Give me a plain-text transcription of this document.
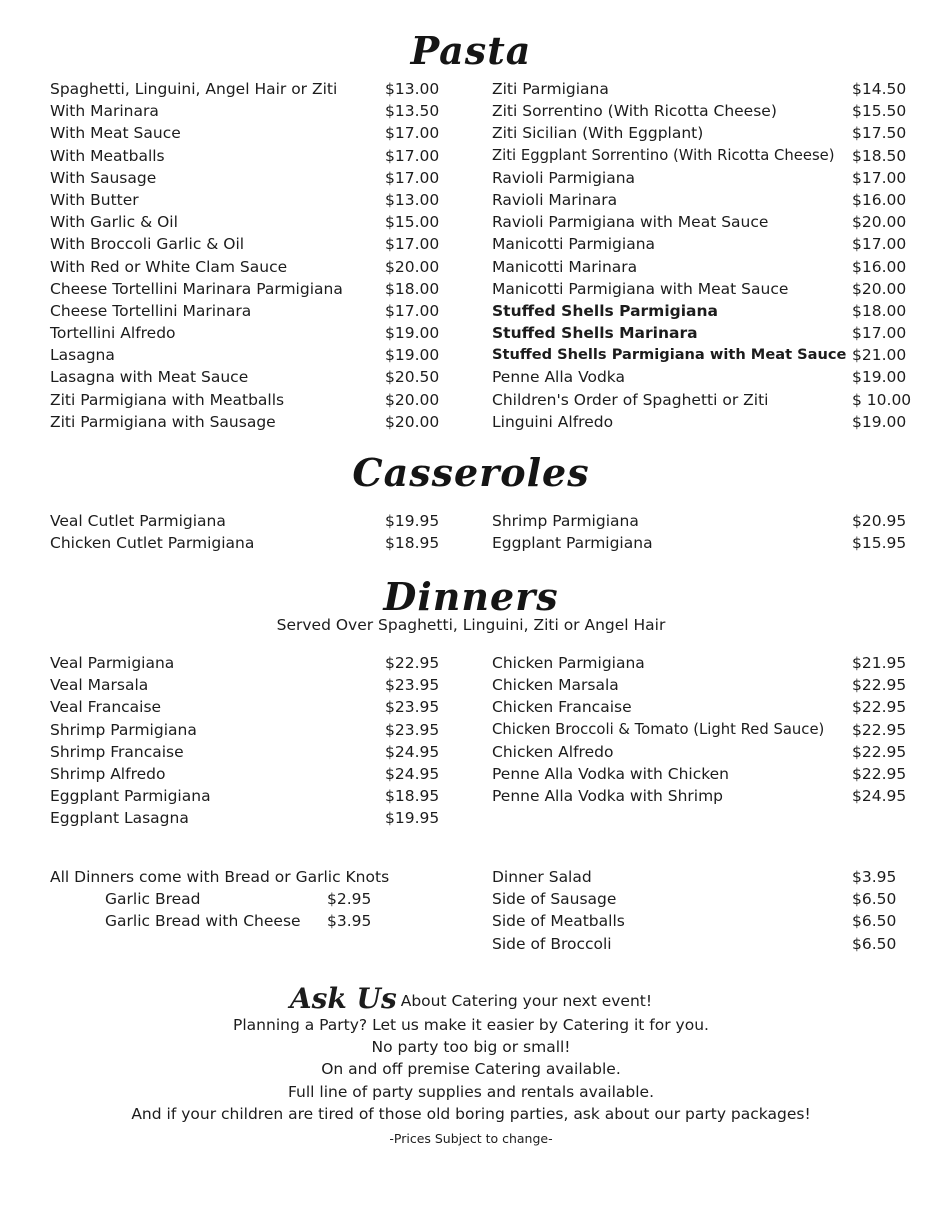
Pasta
Spaghetti, Linguini, Angel Hair or Ziti	$13.00
With Marinara	$13.50
With Meat Sauce	$17.00
With Meatballs	$17.00
With Sausage	$17.00
With Butter	$13.00
With Garlic & Oil	$15.00
With Broccoli Garlic & Oil	$17.00
With Red or White Clam Sauce	$20.00
Cheese Tortellini Marinara Parmigiana	$18.00
Cheese Tortellini Marinara	$17.00
Tortellini Alfredo	$19.00
Lasagna	$19.00
Lasagna with Meat Sauce	$20.50
Ziti Parmigiana with Meatballs	$20.00
Ziti Parmigiana with Sausage	$20.00
Ziti Parmigiana	$14.50
Ziti Sorrentino (With Ricotta Cheese)	$15.50
Ziti Sicilian (With Eggplant)	$17.50
Ziti Eggplant Sorrentino (With Ricotta Cheese) $18.50
Ravioli Parmigiana	$17.00
Ravioli Marinara	$16.00
Ravioli Parmigiana with Meat Sauce	$20.00
Manicotti Parmigiana	$17.00
Manicotti Marinara	$16.00
Manicotti Parmigiana with Meat Sauce	$20.00
Stuffed Shells Parmigiana	$18.00
Stuffed Shells Marinara	$17.00
Stuffed Shells Parmigiana with Meat Sauce $21.00
Penne Alla Vodka	$19.00
Children's Order of Spaghetti or Ziti	$ 10.00
Linguini Alfredo	$19.00
Casseroles
Veal Cutlet Parmigiana	$19.95
Chicken Cutlet Parmigiana	$18.95
Shrimp Parmigiana	$20.95
Eggplant Parmigiana	$15.95
Dinners
Served Over Spaghetti, Linguini, Ziti or Angel Hair
Veal Parmigiana	$22.95
Veal Marsala	$23.95
Veal Francaise	$23.95
Shrimp Parmigiana	$23.95
Shrimp Francaise	$24.95
Shrimp Alfredo	$24.95
Eggplant Parmigiana	$18.95
Eggplant Lasagna	$19.95
Chicken Parmigiana	$21.95
Chicken Marsala	$22.95
Chicken Francaise	$22.95
Chicken Broccoli & Tomato (Light Red Sauce) $22.95
Chicken Alfredo	$22.95
Penne Alla Vodka with Chicken	$22.95
Penne Alla Vodka with Shrimp	$24.95
All Dinners come with Bread or Garlic Knots
Garlic Bread	$2.95
Garlic Bread with Cheese $3.95
Dinner Salad	$3.95
Side of Sausage	$6.50
Side of Meatballs	$6.50
Side of Broccoli	$6.50
Ask Us About Catering your next event!
Planning a Party? Let us make it easier by Catering it for you.
No party too big or small!
On and off premise Catering available.
Full line of party supplies and rentals available.
And if your children are tired of those old boring parties, ask about our party packages!
-Prices Subject to change-
